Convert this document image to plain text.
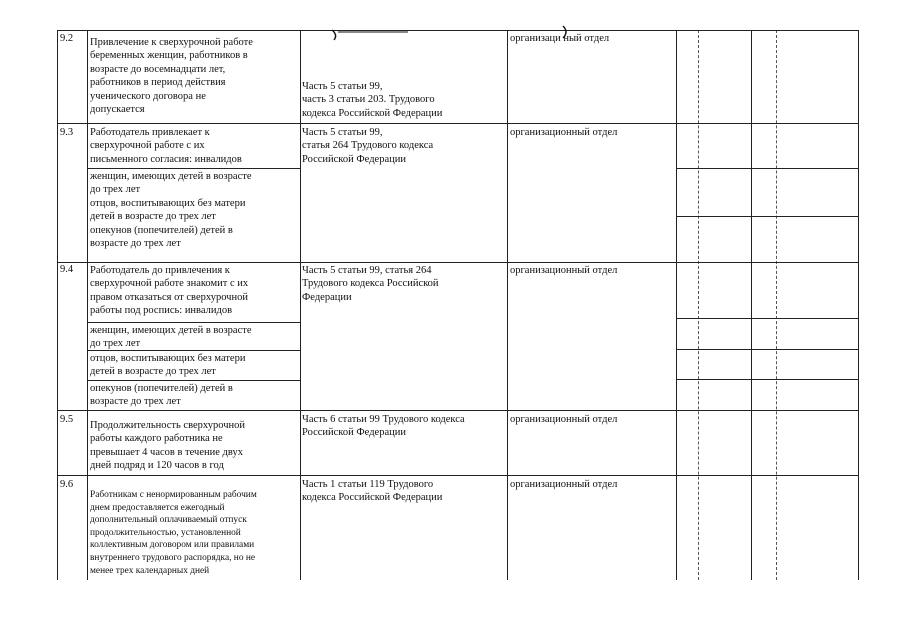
9.2 Привлечение к сверхурочной работе
беременных женщин, работников в
возрасте до восемнадцати лет,
работников в период действия
ученического договора не
допускается
Часть 5 статьи 99,
часть 3 статьи 203. Трудового
кодекса Российской Федерации
организаци ный отдел
9.3 Работодатель привлекает к
сверхурочной работе с их
письменного согласия: инвалидов
женщин, имеющих детей в возрасте
до трех лет
отцов, воспитывающих без матери
детей в возрасте до трех лет
опекунов (попечителей) детей в
возрасте до трех лет
Часть 5 статьи 99,
статья 264 Трудового кодекса
Российской Федерации
организационный отдел
9.4 Работодатель до привлечения к
сверхурочной работе знакомит с их
правом отказаться от сверхурочной
работы под роспись: инвалидов
женщин, имеющих детей в возрасте
до трех лет
отцов, воспитывающих без матери
детей в возрасте до трех лет
опекунов (попечителей) детей в
возрасте до трех лет
Часть 5 статьи 99, статья 264
Трудового кодекса Российской
Федерации
организационный отдел
9.5
Продолжительность сверхурочной
работы каждого работника не
превышает 4 часов в течение двух
дней подряд и 120 часов в год
Часть 6 статьи 99 Трудового кодекса
Российской Федерации
организационный отдел
9.6
Работникам с ненормированным рабочим
днем предоставляется ежегодный
дополнительный оплачиваемый отпуск
продолжительностью, установленной
коллективным договором или правилами
внутреннего трудового распорядка, но не
менее трех календарных дней
Часть 1 статьи 119 Трудового
кодекса Российской Федерации
организационный отдел
